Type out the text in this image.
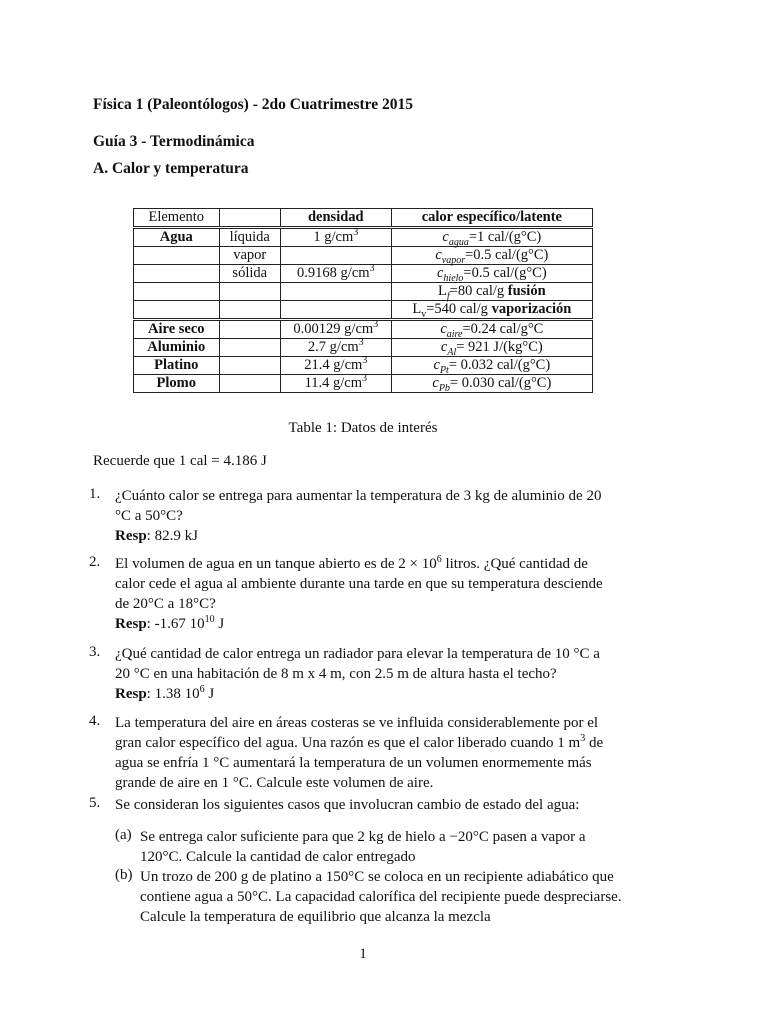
Física 1 (Paleontólogos) - 2do Cuatrimestre 2015
Guía 3 - Termodinámica
A. Calor y temperatura
Elemento		densidad	calor específico/latente
Agua	líquida	1 $g/cm^3$	$c_{agua}=1$ cal/(g°C)
	vapor		$c_{vapor}=0.5$ cal/(g°C)
	sólida	0.9168 $g/cm^3$	$c_{hielo}=0.5$ cal/(g°C)
			$L_f=80$ cal/g fusión
			$L_v=540$ cal/g vaporización
Aire seco		0.00129 $g/cm^3$	$c_{aire}=0.24$ cal/g°C
Aluminio		2.7 $g/cm^3$	$c_{Al}= 921$ J/(kg°C)
Platino		21.4 $g/cm^3$	$c_{Pt}= 0.032$ cal/(g°C)
Plomo		11.4 $g/cm^3$	$c_{Pb}= 0.030$ cal/(g°C)
Table 1: Datos de interés
Recuerde que 1 cal = 4.186 J
1. ¿Cuánto calor se entrega para aumentar la temperatura de 3 kg de aluminio de 20
°C a 50°C?
Resp: 82.9 kJ
2. El volumen de agua en un tanque abierto es de $2 \times 10^6$ litros. ¿Qué cantidad de
calor cede el agua al ambiente durante una tarde en que su temperatura desciende
de 20°C a 18°C?
Resp: -1.67 $10^{10}$ J
3. ¿Qué cantidad de calor entrega un radiador para elevar la temperatura de 10 °C a
20 °C en una habitación de 8 m x 4 m, con 2.5 m de altura hasta el techo?
Resp: 1.38 $10^6$ J
4. La temperatura del aire en áreas costeras se ve influida considerablemente por el
gran calor específico del agua. Una razón es que el calor liberado cuando 1 $m^3$ de
agua se enfría 1 °C aumentará la temperatura de un volumen enormemente más
grande de aire en 1 °C. Calcule este volumen de aire.
5. Se consideran los siguientes casos que involucran cambio de estado del agua:
(a) Se entrega calor suficiente para que 2 kg de hielo a −20°C pasen a vapor a
120°C. Calcule la cantidad de calor entregado
(b) Un trozo de 200 g de platino a 150°C se coloca en un recipiente adiabático que
contiene agua a 50°C. La capacidad calorífica del recipiente puede despreciarse.
Calcule la temperatura de equilibrio que alcanza la mezcla
1
